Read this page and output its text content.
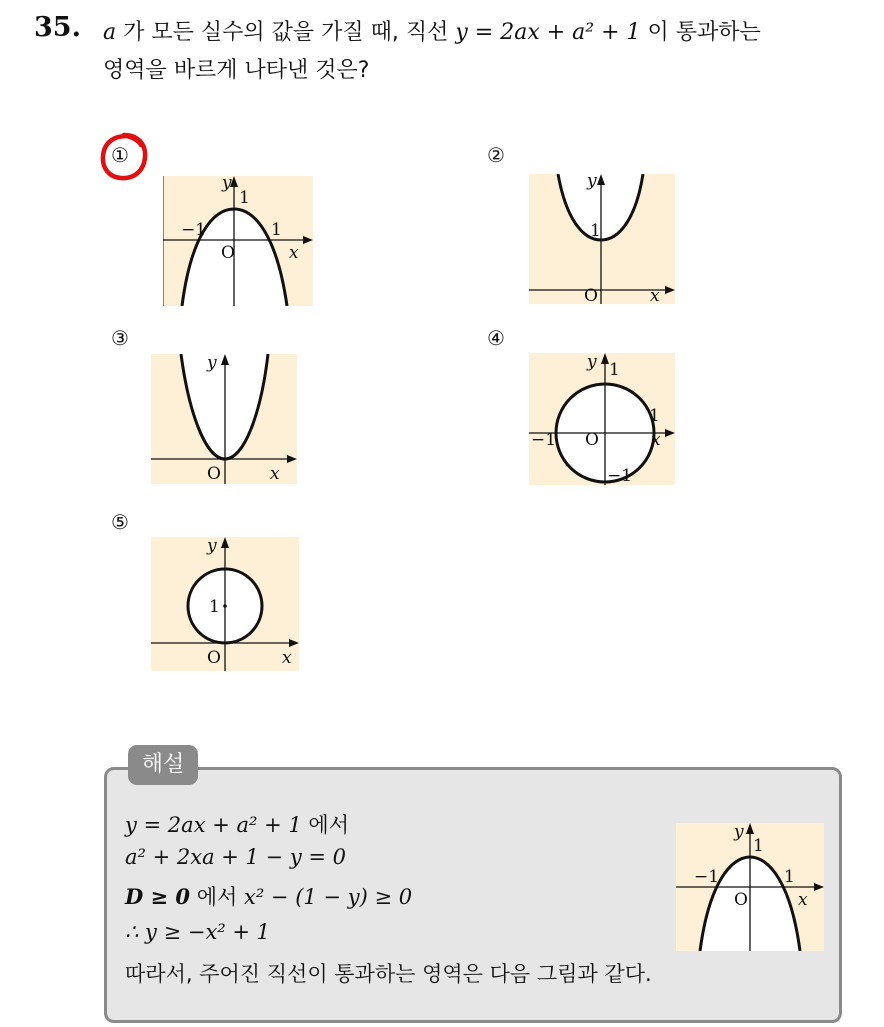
35. a 가 모든 실수의 값을 가질 때, 직선 y = 2ax + a² + 1 이 통과하는
영역을 바르게 나타낸 것은?
①
y
1
−1	1
O	x
②
y
1
O	x
③
y
O	x
④
y 1
1
−1 O	x
−1
⑤
y
1
O	x
해설
y = 2ax + a² + 1 에서
a² + 2xa + 1 − y = 0
D ≥ 0 에서 x² − (1 − y) ≥ 0
∴ y ≥ −x² + 1
따라서, 주어진 직선이 통과하는 영역은 다음 그림과 같다.
y
1
−1	1
O	x
